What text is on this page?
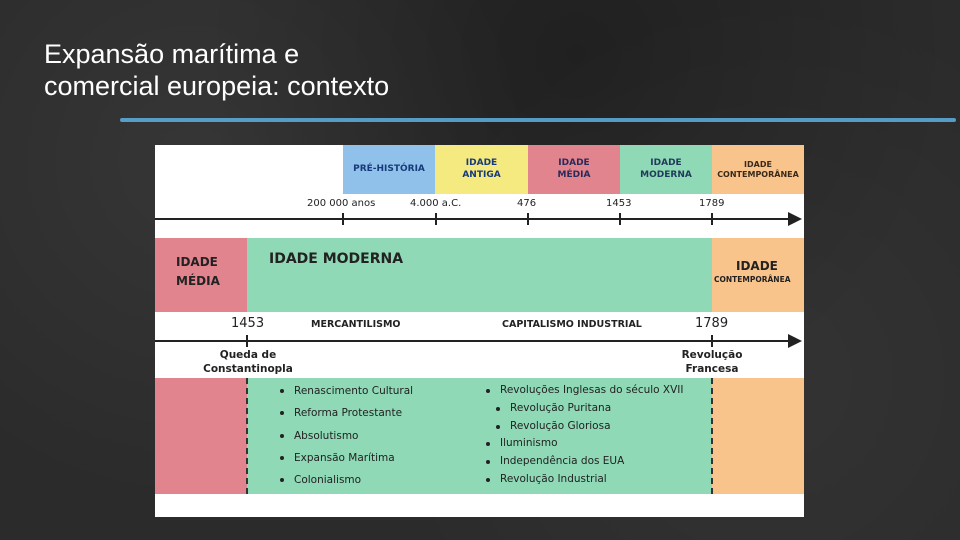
Expansão marítima e
comercial europeia: contexto
PRÉ-HISTÓRIA
IDADE
ANTIGA
IDADE
MÉDIA
IDADE
MODERNA
IDADE
CONTEMPORÂNEA
200 000 anos	4.000 a.C.	476	1453	1789
IDADE
MÉDIA
IDADE MODERNA	IDADE
CONTEMPORÂNEA
1453	MERCANTILISMO	CAPITALISMO INDUSTRIAL	1789
Queda de
Constantinopla
Revolução
Francesa
Renascimento Cultural
Reforma Protestante
Absolutismo
Expansão Marítima
Colonialismo
Revoluções Inglesas do século XVII
Revolução Puritana
Revolução Gloriosa
Iluminismo
Independência dos EUA
Revolução Industrial
